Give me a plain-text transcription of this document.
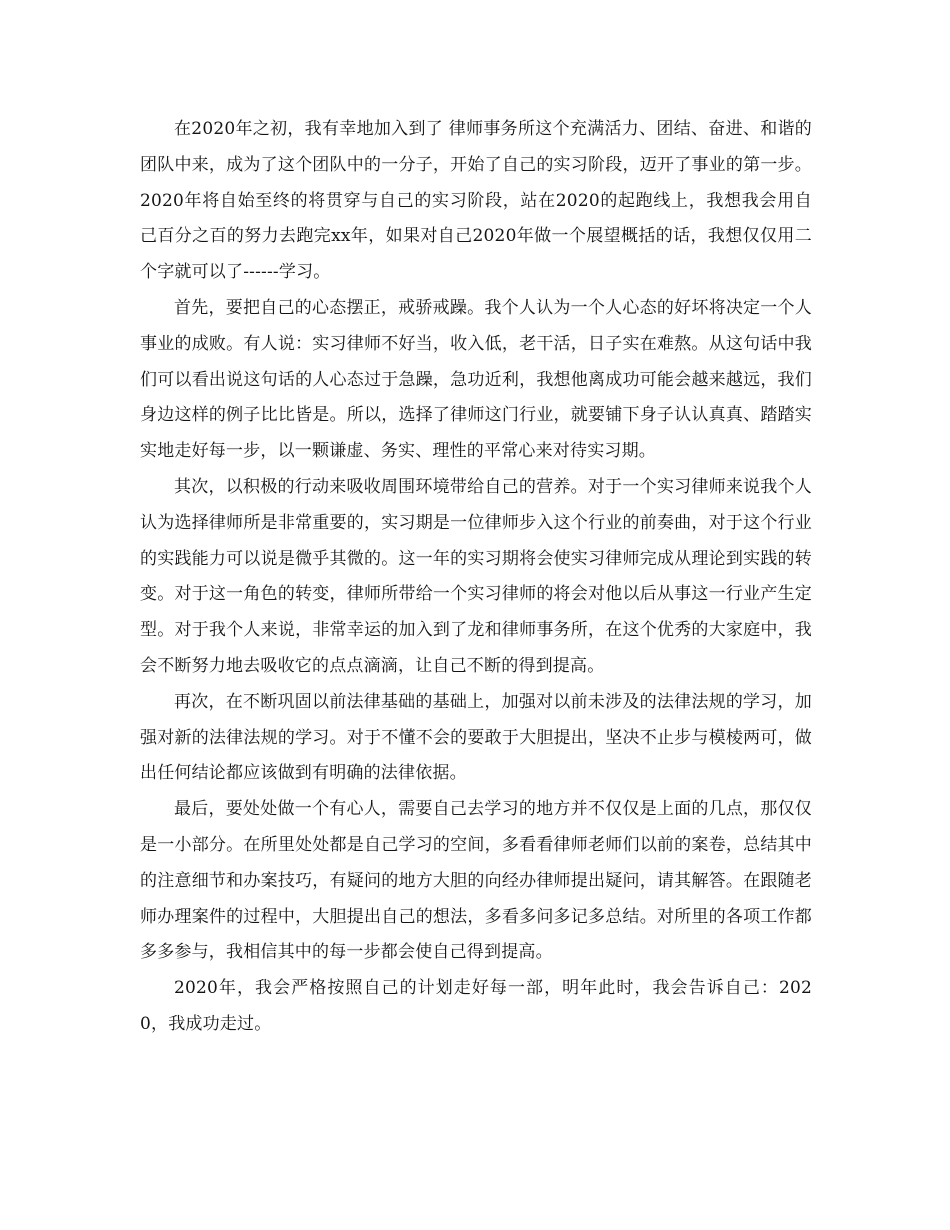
在2020年之初，我有幸地加入到了 律师事务所这个充满活力、团结、奋进、和谐的团队中来，成为了这个团队中的一分子，开始了自己的实习阶段，迈开了事业的第一步。2020年将自始至终的将贯穿与自己的实习阶段，站在2020的起跑线上，我想我会用自己百分之百的努力去跑完xx年，如果对自己2020年做一个展望概括的话，我想仅仅用二个字就可以了------学习。

首先，要把自己的心态摆正，戒骄戒躁。我个人认为一个人心态的好坏将决定一个人事业的成败。有人说：实习律师不好当，收入低，老干活，日子实在难熬。从这句话中我们可以看出说这句话的人心态过于急躁，急功近利，我想他离成功可能会越来越远，我们身边这样的例子比比皆是。所以，选择了律师这门行业，就要铺下身子认认真真、踏踏实实地走好每一步，以一颗谦虚、务实、理性的平常心来对待实习期。

其次，以积极的行动来吸收周围环境带给自己的营养。对于一个实习律师来说我个人认为选择律师所是非常重要的，实习期是一位律师步入这个行业的前奏曲，对于这个行业的实践能力可以说是微乎其微的。这一年的实习期将会使实习律师完成从理论到实践的转变。对于这一角色的转变，律师所带给一个实习律师的将会对他以后从事这一行业产生定型。对于我个人来说，非常幸运的加入到了龙和律师事务所，在这个优秀的大家庭中，我会不断努力地去吸收它的点点滴滴，让自己不断的得到提高。

再次，在不断巩固以前法律基础的基础上，加强对以前未涉及的法律法规的学习，加强对新的法律法规的学习。对于不懂不会的要敢于大胆提出，坚决不止步与模棱两可，做出任何结论都应该做到有明确的法律依据。

最后，要处处做一个有心人，需要自己去学习的地方并不仅仅是上面的几点，那仅仅是一小部分。在所里处处都是自己学习的空间，多看看律师老师们以前的案卷，总结其中的注意细节和办案技巧，有疑问的地方大胆的向经办律师提出疑问，请其解答。在跟随老师办理案件的过程中，大胆提出自己的想法，多看多问多记多总结。对所里的各项工作都多多参与，我相信其中的每一步都会使自己得到提高。

2020年，我会严格按照自己的计划走好每一部，明年此时，我会告诉自己：2020，我成功走过。
